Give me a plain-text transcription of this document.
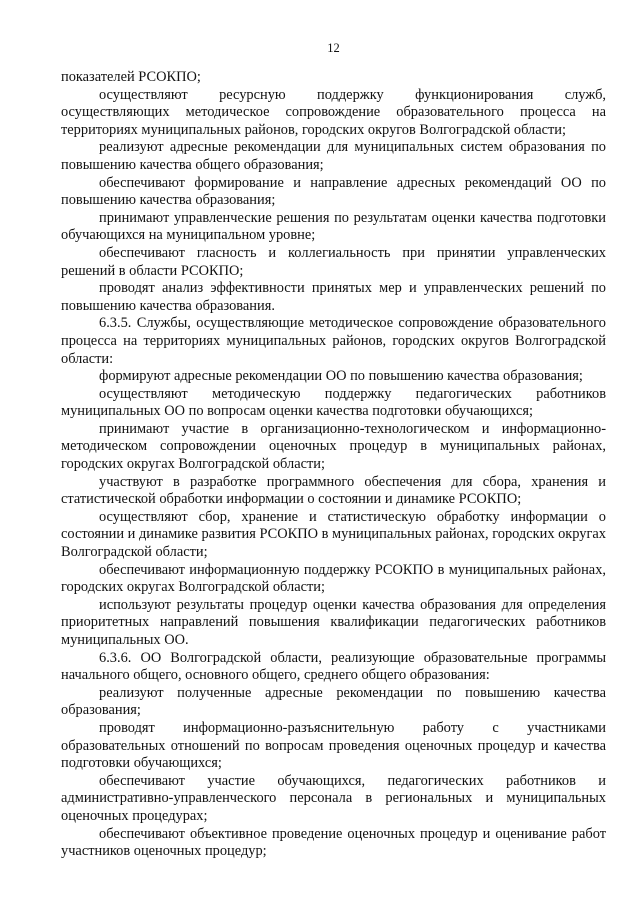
12

показателей РСОКПО;

осуществляют ресурсную поддержку функционирования служб, осуществляющих методическое сопровождение образовательного процесса на территориях муниципальных районов, городских округов Волгоградской области;

реализуют адресные рекомендации для муниципальных систем образования по повышению качества общего образования;

обеспечивают формирование и направление адресных рекомендаций ОО по повышению качества образования;

принимают управленческие решения по результатам оценки качества подготовки обучающихся на муниципальном уровне;

обеспечивают гласность и коллегиальность при принятии управленческих решений в области РСОКПО;

проводят анализ эффективности принятых мер и управленческих решений по повышению качества образования.

6.3.5. Службы, осуществляющие методическое сопровождение образовательного процесса на территориях муниципальных районов, городских округов Волгоградской области:

формируют адресные рекомендации ОО по повышению качества образования;

осуществляют методическую поддержку педагогических работников муниципальных ОО по вопросам оценки качества подготовки обучающихся;

принимают участие в организационно-технологическом и информационно-методическом сопровождении оценочных процедур в муниципальных районах, городских округах Волгоградской области;

участвуют в разработке программного обеспечения для сбора, хранения и статистической обработки информации о состоянии и динамике РСОКПО;

осуществляют сбор, хранение и статистическую обработку информации о состоянии и динамике развития РСОКПО в муниципальных районах, городских округах Волгоградской области;

обеспечивают информационную поддержку РСОКПО в муниципальных районах, городских округах Волгоградской области;

используют результаты процедур оценки качества образования для определения приоритетных направлений повышения квалификации педагогических работников муниципальных ОО.

6.3.6. ОО Волгоградской области, реализующие образовательные программы начального общего, основного общего, среднего общего образования:

реализуют полученные адресные рекомендации по повышению качества образования;

проводят информационно-разъяснительную работу с участниками образовательных отношений по вопросам проведения оценочных процедур и качества подготовки обучающихся;

обеспечивают участие обучающихся, педагогических работников и административно-управленческого персонала в региональных и муниципальных оценочных процедурах;

обеспечивают объективное проведение оценочных процедур и оценивание работ участников оценочных процедур;
